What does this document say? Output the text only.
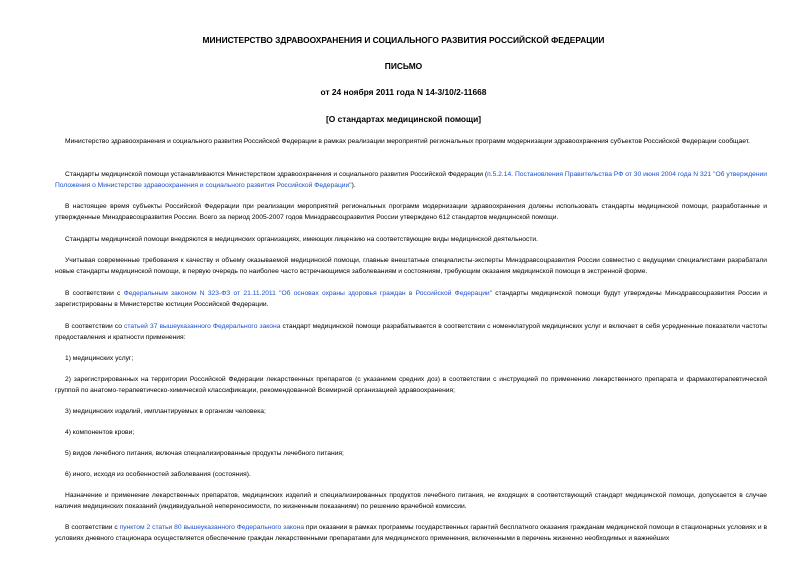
МИНИСТЕРСТВО ЗДРАВООХРАНЕНИЯ И СОЦИАЛЬНОГО РАЗВИТИЯ РОССИЙСКОЙ ФЕДЕРАЦИИ
ПИСЬМО
от 24 ноября 2011 года N 14-3/10/2-11668
[О стандартах медицинской помощи]
Министерство здравоохранения и социального развития Российской Федерации в рамках реализации мероприятий региональных программ модернизации здравоохранения субъектов Российской Федерации сообщает.
Стандарты медицинской помощи устанавливаются Министерством здравоохранения и социального развития Российской Федерации (п.5.2.14. Постановления Правительства РФ от 30 июня 2004 года N 321 "Об утверждении Положения о Министерстве здравоохранения и социального развития Российской Федерации").
В настоящее время субъекты Российской Федерации при реализации мероприятий региональных программ модернизации здравоохранения должны использовать стандарты медицинской помощи, разработанные и утвержденные Минздравсоцразвития России. Всего за период 2005-2007 годов Минздравсоцразвития России утверждено 612 стандартов медицинской помощи.
Стандарты медицинской помощи внедряются в медицинских организациях, имеющих лицензию на соответствующие виды медицинской деятельности.
Учитывая современные требования к качеству и объему оказываемой медицинской помощи, главные внештатные специалисты-эксперты Минздравсоцразвития России совместно с ведущими специалистами разрабатали новые стандарты медицинской помощи, в первую очередь по наиболее часто встречающимся заболеваниям и состояниям, требующим оказания медицинской помощи в экстренной форме.
В соответствии с Федеральным законом N 323-ФЗ от 21.11.2011 "Об основах охраны здоровья граждан в Российской Федерации" стандарты медицинской помощи будут утверждены Минздравсоцразвития России и зарегистрированы в Министерстве юстиции Российской Федерации.
В соответствии со статьей 37 вышеуказанного Федерального закона стандарт медицинской помощи разрабатывается в соответствии с номенклатурой медицинских услуг и включает в себя усредненные показатели частоты предоставления и кратности применения:
1) медицинских услуг;
2) зарегистрированных на территории Российской Федерации лекарственных препаратов (с указанием средних доз) в соответствии с инструкцией по применению лекарственного препарата и фармакотерапевтической группой по анатомо-терапевтическо-химической классификации, рекомендованной Всемирной организацией здравоохранения;
3) медицинских изделий, имплантируемых в организм человека;
4) компонентов крови;
5) видов лечебного питания, включая специализированные продукты лечебного питания;
6) иного, исходя из особенностей заболевания (состояния).
Назначение и применение лекарственных препаратов, медицинских изделий и специализированных продуктов лечебного питания, не входящих в соответствующий стандарт медицинской помощи, допускается в случае наличия медицинских показаний (индивидуальной непереносимости, по жизненным показаниям) по решению врачебной комиссии.
В соответствии с пунктом 2 статьи 80 вышеуказанного Федерального закона при оказании в рамках программы государственных гарантий бесплатного оказания гражданам медицинской помощи в стационарных условиях и в условиях дневного стационара осуществляется обеспечение граждан лекарственными препаратами для медицинского применения, включенными в перечень жизненно необходимых и важнейших
